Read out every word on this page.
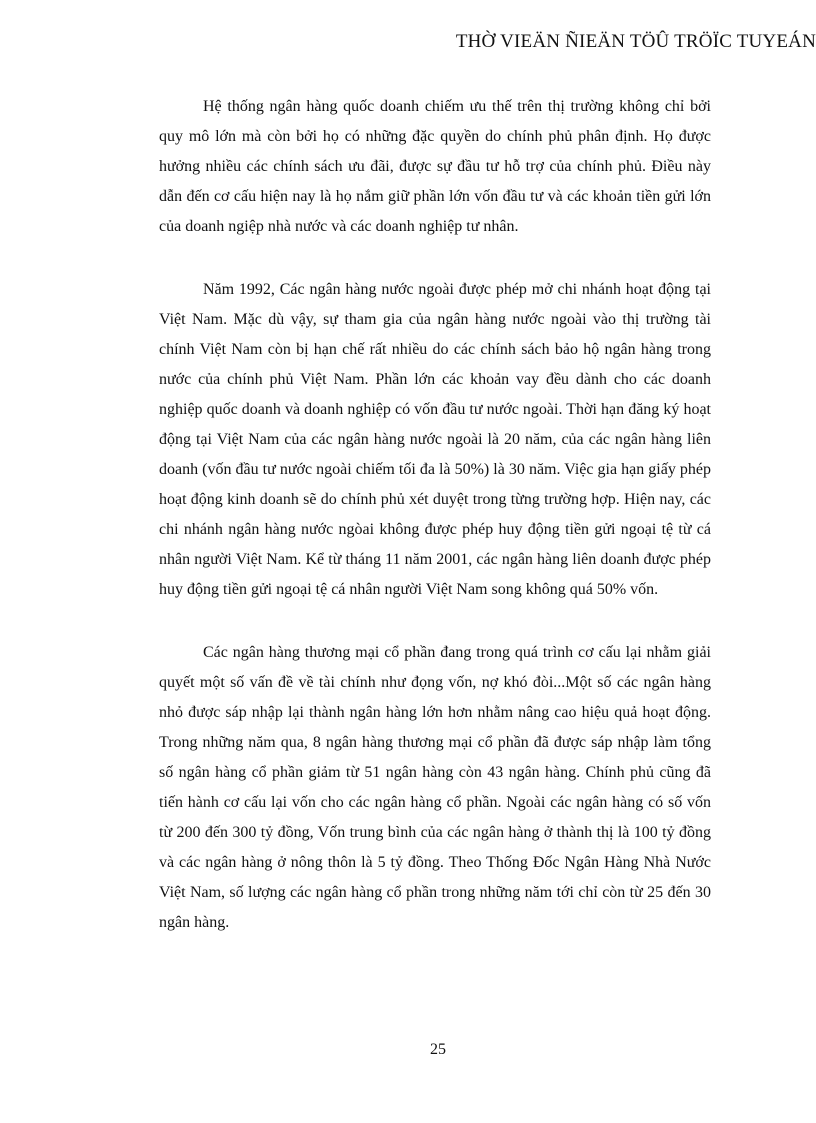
THỜ VIEÄN ÑIEÄN TÖÛ TRÖÏC TUYEÁN

Hệ thống ngân hàng quốc doanh chiếm ưu thế trên thị trường không chỉ bởi quy mô lớn mà còn bởi họ có những đặc quyền do chính phủ phân định. Họ được hưởng nhiều các chính sách ưu đãi, được sự đầu tư hỗ trợ của chính phủ. Điều này dẫn đến cơ cấu hiện nay là họ nắm giữ phần lớn vốn đầu tư và các khoản tiền gửi lớn của doanh ngiệp nhà nước và các doanh nghiệp tư nhân.

Năm 1992, Các ngân hàng nước ngoài được phép mở chi nhánh hoạt động tại Việt Nam. Mặc dù vậy, sự tham gia của ngân hàng nước ngoài vào thị trường tài chính Việt Nam còn bị hạn chế rất nhiều do các chính sách bảo hộ ngân hàng trong nước của chính phủ Việt Nam. Phần lớn các khoản vay đều dành cho các doanh nghiệp quốc doanh và doanh nghiệp có vốn đầu tư nước ngoài. Thời hạn đăng ký hoạt động tại Việt Nam của các ngân hàng nước ngoài là 20 năm, của các ngân hàng liên doanh (vốn đầu tư nước ngoài chiếm tối đa là 50%) là 30 năm. Việc gia hạn giấy phép hoạt động kinh doanh sẽ do chính phủ xét duyệt trong từng trường hợp. Hiện nay, các chi nhánh ngân hàng nước ngòai không được phép huy động tiền gửi ngoại tệ từ cá nhân người Việt Nam. Kể từ tháng 11 năm 2001, các ngân hàng liên doanh được phép huy động tiền gửi ngoại tệ cá nhân người Việt Nam song không quá 50% vốn.

Các ngân hàng thương mại cổ phần đang trong quá trình cơ cấu lại nhằm giải quyết một số vấn đề về tài chính như đọng vốn, nợ khó đòi...Một số các ngân hàng nhỏ được sáp nhập lại thành ngân hàng lớn hơn nhằm nâng cao hiệu quả hoạt động. Trong những năm qua, 8 ngân hàng thương mại cổ phần đã được sáp nhập làm tổng số ngân hàng cổ phần giảm từ 51 ngân hàng còn 43 ngân hàng. Chính phủ cũng đã tiến hành cơ cấu lại vốn cho các ngân hàng cổ phần. Ngoài các ngân hàng có số vốn từ 200 đến 300 tỷ đồng, Vốn trung bình của các ngân hàng ở thành thị là 100 tỷ đồng và các ngân hàng ở nông thôn là 5 tỷ đồng. Theo Thống Đốc Ngân Hàng Nhà Nước Việt Nam, số lượng các ngân hàng cổ phần trong những năm tới chỉ còn từ 25 đến 30 ngân hàng.

25
